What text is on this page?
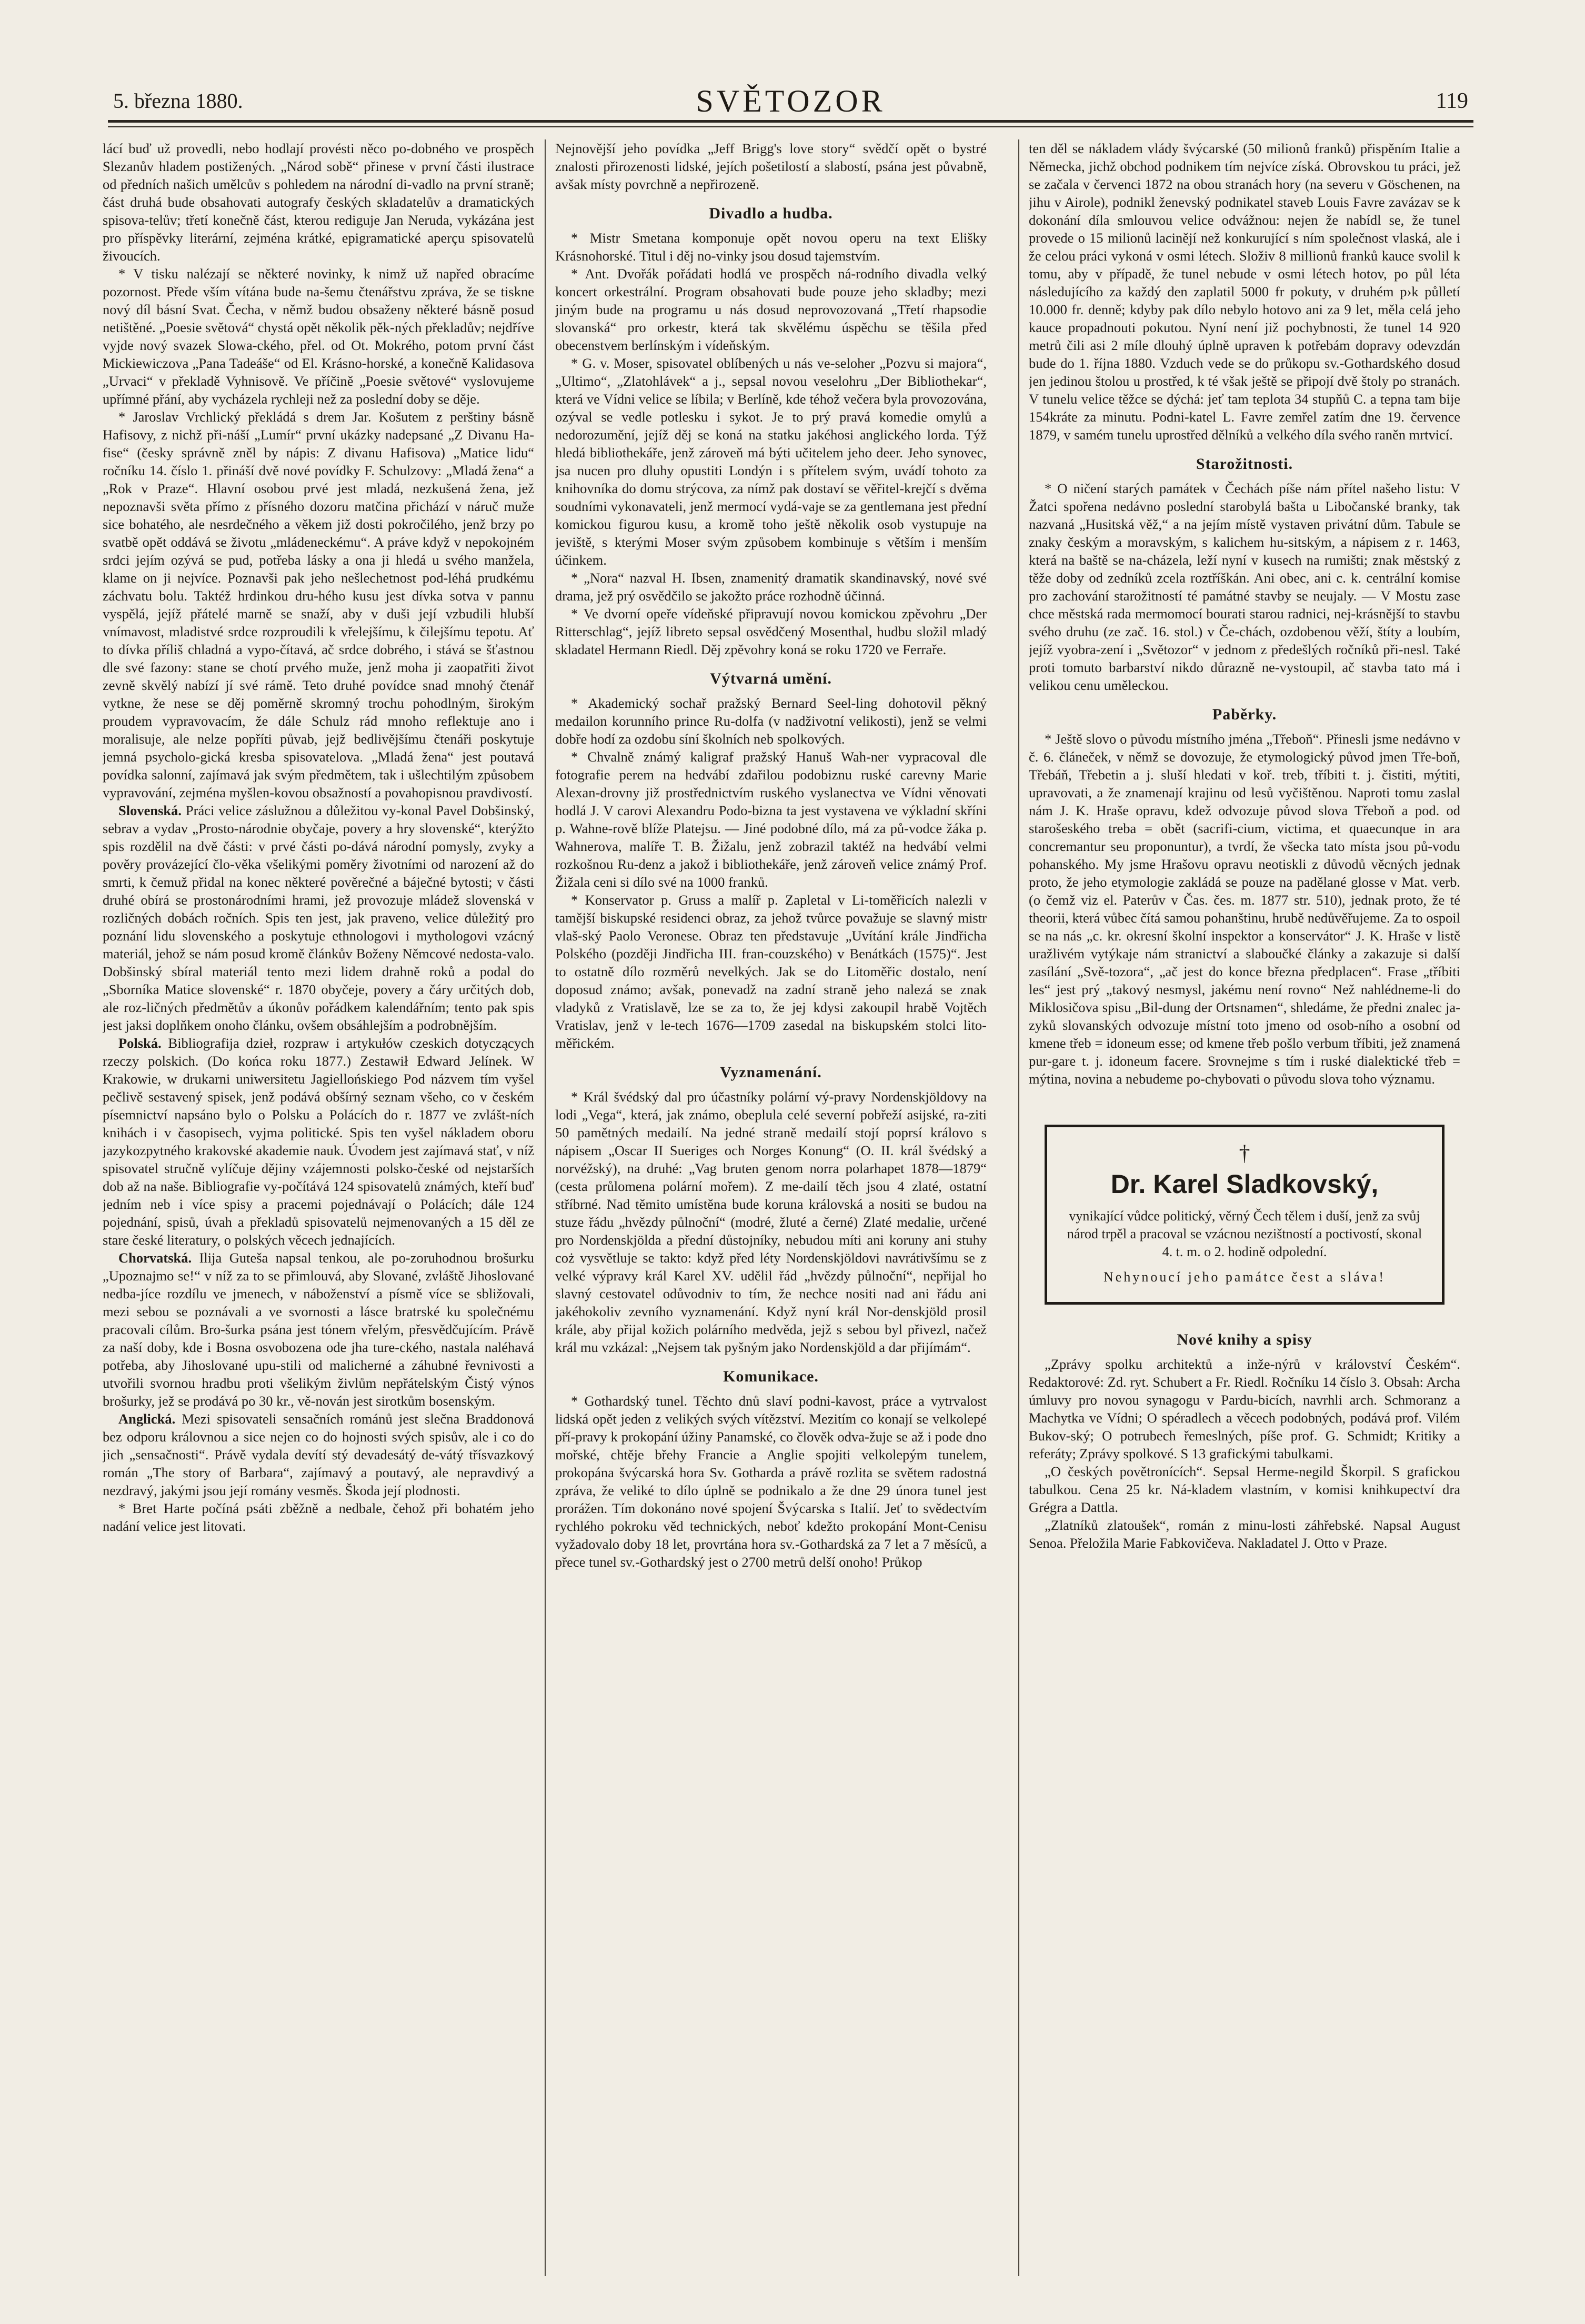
5. března 1880.	SVĚTOZOR	119

lácí buď už provedli, nebo hodlají provésti něco po-dobného ve prospěch Slezanův hladem postižených. „Národ sobě“ přinese v první části ilustrace od předních našich umělcův s pohledem na národní di-vadlo na první straně; část druhá bude obsahovati autografy českých skladatelův a dramatických spisova-telův; třetí konečně část, kterou rediguje Jan Neruda, vykázána jest pro příspěvky literární, zejména krátké, epigramatické aperçu spisovatelů živoucích.

* V tisku nalézají se některé novinky, k nimž už napřed obracíme pozornost. Přede vším vítána bude na-šemu čtenářstvu zpráva, že se tiskne nový díl básní Svat. Čecha, v němž budou obsaženy některé básně posud netištěné. „Poesie světová“ chystá opět několik pěk-ných překladův; nejdříve vyjde nový svazek Slowa-ckého, přel. od Ot. Mokrého, potom první část Mickiewiczova „Pana Tadeáše“ od El. Krásno-horské, a konečně Kalidasova „Urvaci“ v překladě Vyhnisově. Ve příčině „Poesie světové“ vyslovujeme upřímné přání, aby vycházela rychleji než za poslední doby se děje.

* Jaroslav Vrchlický překládá s drem Jar. Košutem z perštiny básně Hafisovy, z nichž při-náší „Lumír“ první ukázky nadepsané „Z Divanu Ha-fise“ (česky správně zněl by nápis: Z divanu Hafisova) „Matice lidu“ ročníku 14. číslo 1. přináší dvě nové povídky F. Schulzovy: „Mladá žena“ a „Rok v Praze“. Hlavní osobou prvé jest mladá, nezkušená žena, jež nepoznavši světa přímo z přísného dozoru matčina přichází v náruč muže sice bohatého, ale nesrdečného a věkem již dosti pokročilého, jenž brzy po svatbě opět oddává se životu „mládeneckému“. A práve když v nepokojném srdci jejím ozývá se pud, potřeba lásky a ona ji hledá u svého manžela, klame on ji nejvíce. Poznavši pak jeho nešlechetnost pod-léhá prudkému záchvatu bolu. Taktéž hrdinkou dru-hého kusu jest dívka sotva v pannu vyspělá, jejíž přátelé marně se snaží, aby v duši její vzbudili hlubší vnímavost, mladistvé srdce rozproudili k vřelejšímu, k čilejšímu tepotu. Ať to dívka příliš chladná a vypo-čítavá, ač srdce dobrého, i stává se šťastnou dle své fazony: stane se chotí prvého muže, jenž moha ji zaopatřiti život zevně skvělý nabízí jí své rámě. Teto druhé povídce snad mnohý čtenář vytkne, že nese se děj poměrně skromný trochu pohodlným, širokým proudem vypravovacím, že dále Schulz rád mnoho reflektuje ano i moralisuje, ale nelze popříti půvab, jejž bedlivějšímu čtenáři poskytuje jemná psycholo-gická kresba spisovatelova. „Mladá žena“ jest poutavá povídka salonní, zajímavá jak svým předmětem, tak i ušlechtilým způsobem vypravování, zejména myšlen-kovou obsažností a povahopisnou pravdivostí.

Slovenská. Práci velice záslužnou a důležitou vy-konal Pavel Dobšinský, sebrav a vydav „Prosto-národnie obyčaje, povery a hry slovenské“, kterýžto spis rozdělil na dvě části: v prvé části po-dává národní pomysly, zvyky a pověry provázející člo-věka všelikými poměry životními od narození až do smrti, k čemuž přidal na konec některé pověrečné a báječné bytosti; v části druhé obírá se prostonárodními hrami, jež provozuje mládež slovenská v rozličných dobách ročních. Spis ten jest, jak praveno, velice důležitý pro poznání lidu slovenského a poskytuje ethnologovi i mythologovi vzácný materiál, jehož se nám posud kromě článkův Boženy Němcové nedosta-valo. Dobšinský sbíral materiál tento mezi lidem drahně roků a podal do „Sborníka Matice slovenské“ r. 1870 obyčeje, povery a čáry určitých dob, ale roz-ličných předmětův a úkonův pořádkem kalendářním; tento pak spis jest jaksi doplňkem onoho článku, ovšem obsáhlejším a podrobnějším.

Polská. Bibliografija dzieł, rozpraw i artykułów czeskich dotyczących rzeczy polskich. (Do końca roku 1877.) Zestawił Edward Jelínek. W Krakowie, w drukarni uniwersitetu Jagiellońskiego Pod názvem tím vyšel pečlivě sestavený spisek, jenž podává obšírný seznam všeho, co v českém písemnictví napsáno bylo o Polsku a Polácích do r. 1877 ve zvlášt-ních knihách i v časopisech, vyjma politické. Spis ten vyšel nákladem oboru jazykozpytného krakovské akademie nauk. Úvodem jest zajímavá stať, v níž spisovatel stručně vylíčuje dějiny vzájemnosti polsko-české od nejstarších dob až na naše. Bibliografie vy-počítává 124 spisovatelů známých, kteří buď jedním neb i více spisy a pracemi pojednávají o Polácích; dále 124 pojednání, spisů, úvah a překladů spisovatelů nejmenovaných a 15 děl ze stare české literatury, o polských věcech jednajících.

Chorvatská. Ilija Guteša napsal tenkou, ale po-zoruhodnou brošurku „Upoznajmo se!“ v níž za to se přimlouvá, aby Slované, zvláště Jihoslované nedba-jíce rozdílu ve jmenech, v náboženství a písmě více se sbližovali, mezi sebou se poznávali a ve svornosti a lásce bratrské ku společnému pracovali cílům. Bro-šurka psána jest tónem vřelým, přesvědčujícím. Právě za naší doby, kde i Bosna osvobozena ode jha ture-ckého, nastala naléhavá potřeba, aby Jihoslované upu-stili od malicherné a záhubné řevnivosti a utvořili svornou hradbu proti všelikým živlům nepřátelským Čistý výnos brošurky, jež se prodává po 30 kr., vě-nován jest sirotkům bosenským.

Anglická. Mezi spisovateli sensačních románů jest slečna Braddonová bez odporu královnou a sice nejen co do hojnosti svých spisův, ale i co do jich „sensačnosti“. Právě vydala devítí stý devadesátý de-vátý třísvazkový román „The story of Barbara“, zajímavý a poutavý, ale nepravdivý a nezdravý, jakými jsou její romány vesměs. Škoda její plodnosti.

* Bret Harte počíná psáti zběžně a nedbale, čehož při bohatém jeho nadání velice jest litovati.

Nejnovější jeho povídka „Jeff Brigg's love story“ svědčí opět o bystré znalosti přirozenosti lidské, jejích pošetilostí a slabostí, psána jest půvabně, avšak místy povrchně a nepřirozeně.

Divadlo a hudba.

* Mistr Smetana komponuje opět novou operu na text Elišky Krásnohorské. Titul i děj no-vinky jsou dosud tajemstvím.

* Ant. Dvořák pořádati hodlá ve prospěch ná-rodního divadla velký koncert orkestrální. Program obsahovati bude pouze jeho skladby; mezi jiným bude na programu u nás dosud neprovozovaná „Třetí rhapsodie slovanská“ pro orkestr, která tak skvělému úspěchu se těšila před obecenstvem berlínským i vídeňským.

* G. v. Moser, spisovatel oblíbených u nás ve-seloher „Pozvu si majora“, „Ultimo“, „Zlatohlávek“ a j., sepsal novou veselohru „Der Bibliothekar“, která ve Vídni velice se líbila; v Berlíně, kde téhož večera byla provozována, ozýval se vedle potlesku i sykot. Je to prý pravá komedie omylů a nedorozumění, jejíž děj se koná na statku jakéhosi anglického lorda. Týž hledá bibliothekáře, jenž zároveň má býti učitelem jeho deer. Jeho synovec, jsa nucen pro dluhy opustiti Londýn i s přítelem svým, uvádí tohoto za knihovníka do domu strýcova, za nímž pak dostaví se věřitel-krejčí s dvěma soudními vykonavateli, jenž mermocí vydá-vaje se za gentlemana jest přední komickou figurou kusu, a kromě toho ještě několik osob vystupuje na jeviště, s kterými Moser svým způsobem kombinuje s větším i menším účinkem.

* „Nora“ nazval H. Ibsen, znamenitý dramatik skandinavský, nové své drama, jež prý osvědčilo se jakožto práce rozhodně účinná.

* Ve dvorní opeře vídeňské připravují novou komickou zpěvohru „Der Ritterschlag“, jejíž libreto sepsal osvědčený Mosenthal, hudbu složil mladý skladatel Hermann Riedl. Děj zpěvohry koná se roku 1720 ve Ferraře.

Výtvarná umění.

* Akademický sochař pražský Bernard Seel-ling dohotovil pěkný medailon korunního prince Ru-dolfa (v nadživotní velikosti), jenž se velmi dobře hodí za ozdobu síní školních neb spolkových.

* Chvalně známý kaligraf pražský Hanuš Wah-ner vypracoval dle fotografie perem na hedvábí zdařilou podobiznu ruské carevny Marie Alexan-drovny již prostřednictvím ruského vyslanectva ve Vídni věnovati hodlá J. V carovi Alexandru Podo-bizna ta jest vystavena ve výkladní skříni p. Wahne-rově blíže Platejsu. — Jiné podobné dílo, má za pů-vodce žáka p. Wahnerova, malíře T. B. Žižalu, jenž zobrazil taktéž na hedvábí velmi rozkošnou Ru-denz a jakož i bibliothekáře, jenž zároveň velice známý Prof. Žižala ceni si dílo své na 1000 franků.

* Konservator p. Gruss a malíř p. Zapletal v Li-toměřicích nalezli v tamější biskupské residenci obraz, za jehož tvůrce považuje se slavný mistr vlaš-ský Paolo Veronese. Obraz ten představuje „Uvítání krále Jindřicha Polského (později Jindřicha III. fran-couzského) v Benátkách (1575)“. Jest to ostatně dílo rozměrů nevelkých. Jak se do Litoměřic dostalo, není doposud známo; avšak, ponevadž na zadní straně jeho nalezá se znak vladyků z Vratislavě, lze se za to, že jej kdysi zakoupil hrabě Vojtěch Vratislav, jenž v le-tech 1676—1709 zasedal na biskupském stolci lito-měřickém.

Vyznamenání.

* Král švédský dal pro účastníky polární vý-pravy Nordenskjöldovy na lodi „Vega“, která, jak známo, obeplula celé severní pobřeží asijské, ra-ziti 50 pamětných medailí. Na jedné straně medailí stojí poprsí královo s nápisem „Oscar II Sueriges och Norges Konung“ (O. II. král švédský a norvéžský), na druhé: „Vag bruten genom norra polarhapet 1878—1879“ (cesta průlomena polární mořem). Z me-dailí těch jsou 4 zlaté, ostatní stříbrné. Nad těmito umístěna bude koruna královská a nositi se budou na stuze řádu „hvězdy půlnoční“ (modré, žluté a černé) Zlaté medalie, určené pro Nordenskjölda a přední důstojníky, nebudou míti ani koruny ani stuhy coż vysvětluje se takto: když před léty Nordenskjöldovi navrátivšímu se z velké výpravy král Karel XV. udělil řád „hvězdy půlnoční“, nepřijal ho slavný cestovatel odůvodniv to tím, že nechce nositi nad ani řádu ani jakéhokoliv zevního vyznamenání. Když nyní král Nor-denskjöld prosil krále, aby přijal kožich polárního medvěda, jejž s sebou byl přivezl, načež král mu vzkázal: „Nejsem tak pyšným jako Nordenskjöld a dar přijímám“.

Komunikace.

* Gothardský tunel. Těchto dnů slaví podni-kavost, práce a vytrvalost lidská opět jeden z velikých svých vítězství. Mezitím co konají se velkolepé pří-pravy k prokopání úžiny Panamské, co člověk odva-žuje se až i pode dno mořské, chtěje břehy Francie a Anglie spojiti velkolepým tunelem, prokopána švýcarská hora Sv. Gotharda a právě rozlita se světem radostná zpráva, že veliké to dílo úplně se podnikalo a že dne 29 února tunel jest prorážen. Tím dokonáno nové spojení Švýcarska s Italií. Jeť to svědectvím rychlého pokroku věd technických, neboť kdežto prokopání Mont-Cenisu vyžadovalo doby 18 let, provrtána hora sv.-Gothardská za 7 let a 7 měsíců, a přece tunel sv.-Gothardský jest o 2700 metrů delší onoho! Průkop

ten děl se nákladem vlády švýcarské (50 milionů franků) přispěním Italie a Německa, jichž obchod podnikem tím nejvíce získá. Obrovskou tu práci, jež se začala v červenci 1872 na obou stranách hory (na severu v Göschenen, na jihu v Airole), podnikl ženevský podnikatel staveb Louis Favre zavázav se k dokonání díla smlouvou velice odvážnou: nejen že nabídl se, že tunel provede o 15 milionů lacinějí než konkurující s ním společnost vlaská, ale i že celou práci vykoná v osmi létech. Složiv 8 millionů franků kauce svolil k tomu, aby v případě, že tunel nebude v osmi létech hotov, po půl léta následujícího za každý den zaplatil 5000 fr pokuty, v druhém p›k půlletí 10.000 fr. denně; kdyby pak dílo nebylo hotovo ani za 9 let, měla celá jeho kauce propadnouti pokutou. Nyní není již pochybnosti, že tunel 14 920 metrů čili asi 2 míle dlouhý úplně upraven k potřebám dopravy odevzdán bude do 1. října 1880. Vzduch vede se do průkopu sv.-Gothardského dosud jen jedinou štolou u prostřed, k té však ještě se připojí dvě štoly po stranách. V tunelu velice těžce se dýchá: jeť tam teplota 34 stupňů C. a tepna tam bije 154kráte za minutu. Podni-katel L. Favre zemřel zatím dne 19. července 1879, v samém tunelu uprostřed dělníků a velkého díla svého raněn mrtvicí.

Starožitnosti.

* O ničení starých památek v Čechách píše nám přítel našeho listu: V Žatci spořena nedávno poslední starobylá bašta u Libočanské branky, tak nazvaná „Husitská věž,“ a na jejím místě vystaven privátní dům. Tabule se znaky českým a moravským, s kalichem hu-sitským, a nápisem z r. 1463, která na baště se na-cházela, leží nyní v kusech na rumišti; znak městský z těže doby od zedníků zcela roztříškán. Ani obec, ani c. k. centrální komise pro zachování starožitností té památné stavby se neujaly. — V Mostu zase chce městská rada mermomocí bourati starou radnici, nej-krásnější to stavbu svého druhu (ze zač. 16. stol.) v Če-chách, ozdobenou věží, štíty a loubím, jejíž vyobra-zení i „Světozor“ v jednom z předešlých ročníků při-nesl. Také proti tomuto barbarství nikdo důrazně ne-vystoupil, ač stavba tato má i velikou cenu uměleckou.

Paběrky.

* Ještě slovo o původu místního jména „Třeboň“. Přinesli jsme nedávno v č. 6. článeček, v němž se dovozuje, že etymologický původ jmen Tře-boň, Třebáň, Třebetin a j. sluší hledati v koř. treb, tříbiti t. j. čistiti, mýtiti, upravovati, a že znamenají krajinu od lesů vyčištěnou. Naproti tomu zaslal nám J. K. Hraše opravu, kdež odvozuje původ slova Třeboň a pod. od starošeského treba = obět (sacrifi-cium, victima, et quaecunque in ara concremantur seu proponuntur), a tvrdí, že všecka tato místa jsou pů-vodu pohanského. My jsme Hrašovu opravu neotiskli z důvodů věcných jednak proto, že jeho etymologie zakládá se pouze na padělané glosse v Mat. verb. (o čemž viz el. Paterův v Čas. čes. m. 1877 str. 510), jednak proto, že té theorii, která vůbec čítá samou pohanštinu, hrubě nedůvěřujeme. Za to ospoil se na nás „c. kr. okresní školní inspektor a konservátor“ J. K. Hraše v listě uražlivém vytýkaje nám stranictví a slaboučké články a zakazuje si další zasílání „Svě-tozora“, „ač jest do konce března předplacen“. Frase „tříbiti les“ jest prý „takový nesmysl, jakému není rovno“ Než nahlédneme-li do Miklosičova spisu „Bil-dung der Ortsnamen“, shledáme, že předni znalec ja-zyků slovanských odvozuje místní toto jmeno od osob-ního a osobní od kmene třeb = idoneum esse; od kmene třeb pošlo verbum tříbiti, jež znamená pur-gare t. j. idoneum facere. Srovnejme s tím i ruské dialektické třeb = mýtina, novina a nebudeme po-chybovati o původu slova toho významu.

†
Dr. Karel Sladkovský,
vynikající vůdce politický, věrný Čech tělem i duší, jenž za svůj národ trpěl a pracoval se vzácnou nezištností a poctivostí, skonal 4. t. m. o 2. hodině odpolední.
Nehynoucí jeho památce čest a sláva!
Nové knihy a spisy

„Zprávy spolku architektů a inže-nýrů v království Českém“. Redaktorové: Zd. ryt. Schubert a Fr. Riedl. Ročníku 14 číslo 3. Obsah: Archa úmluvy pro novou synagogu v Pardu-bicích, navrhli arch. Schmoranz a Machytka ve Vídni; O spéradlech a věcech podobných, podává prof. Vilém Bukov-ský; O potrubech řemeslných, píše prof. G. Schmidt; Kritiky a referáty; Zprávy spolkové. S 13 grafickými tabulkami.

„O českých povětronících“. Sepsal Herme-negild Škorpil. S grafickou tabulkou. Cena 25 kr. Ná-kladem vlastním, v komisi knihkupectví dra Grégra a Dattla.

„Zlatníků zlatoušek“, román z minu-losti záhřebské. Napsal August Senoa. Přeložila Marie Fabkovičeva. Nakladatel J. Otto v Praze.
